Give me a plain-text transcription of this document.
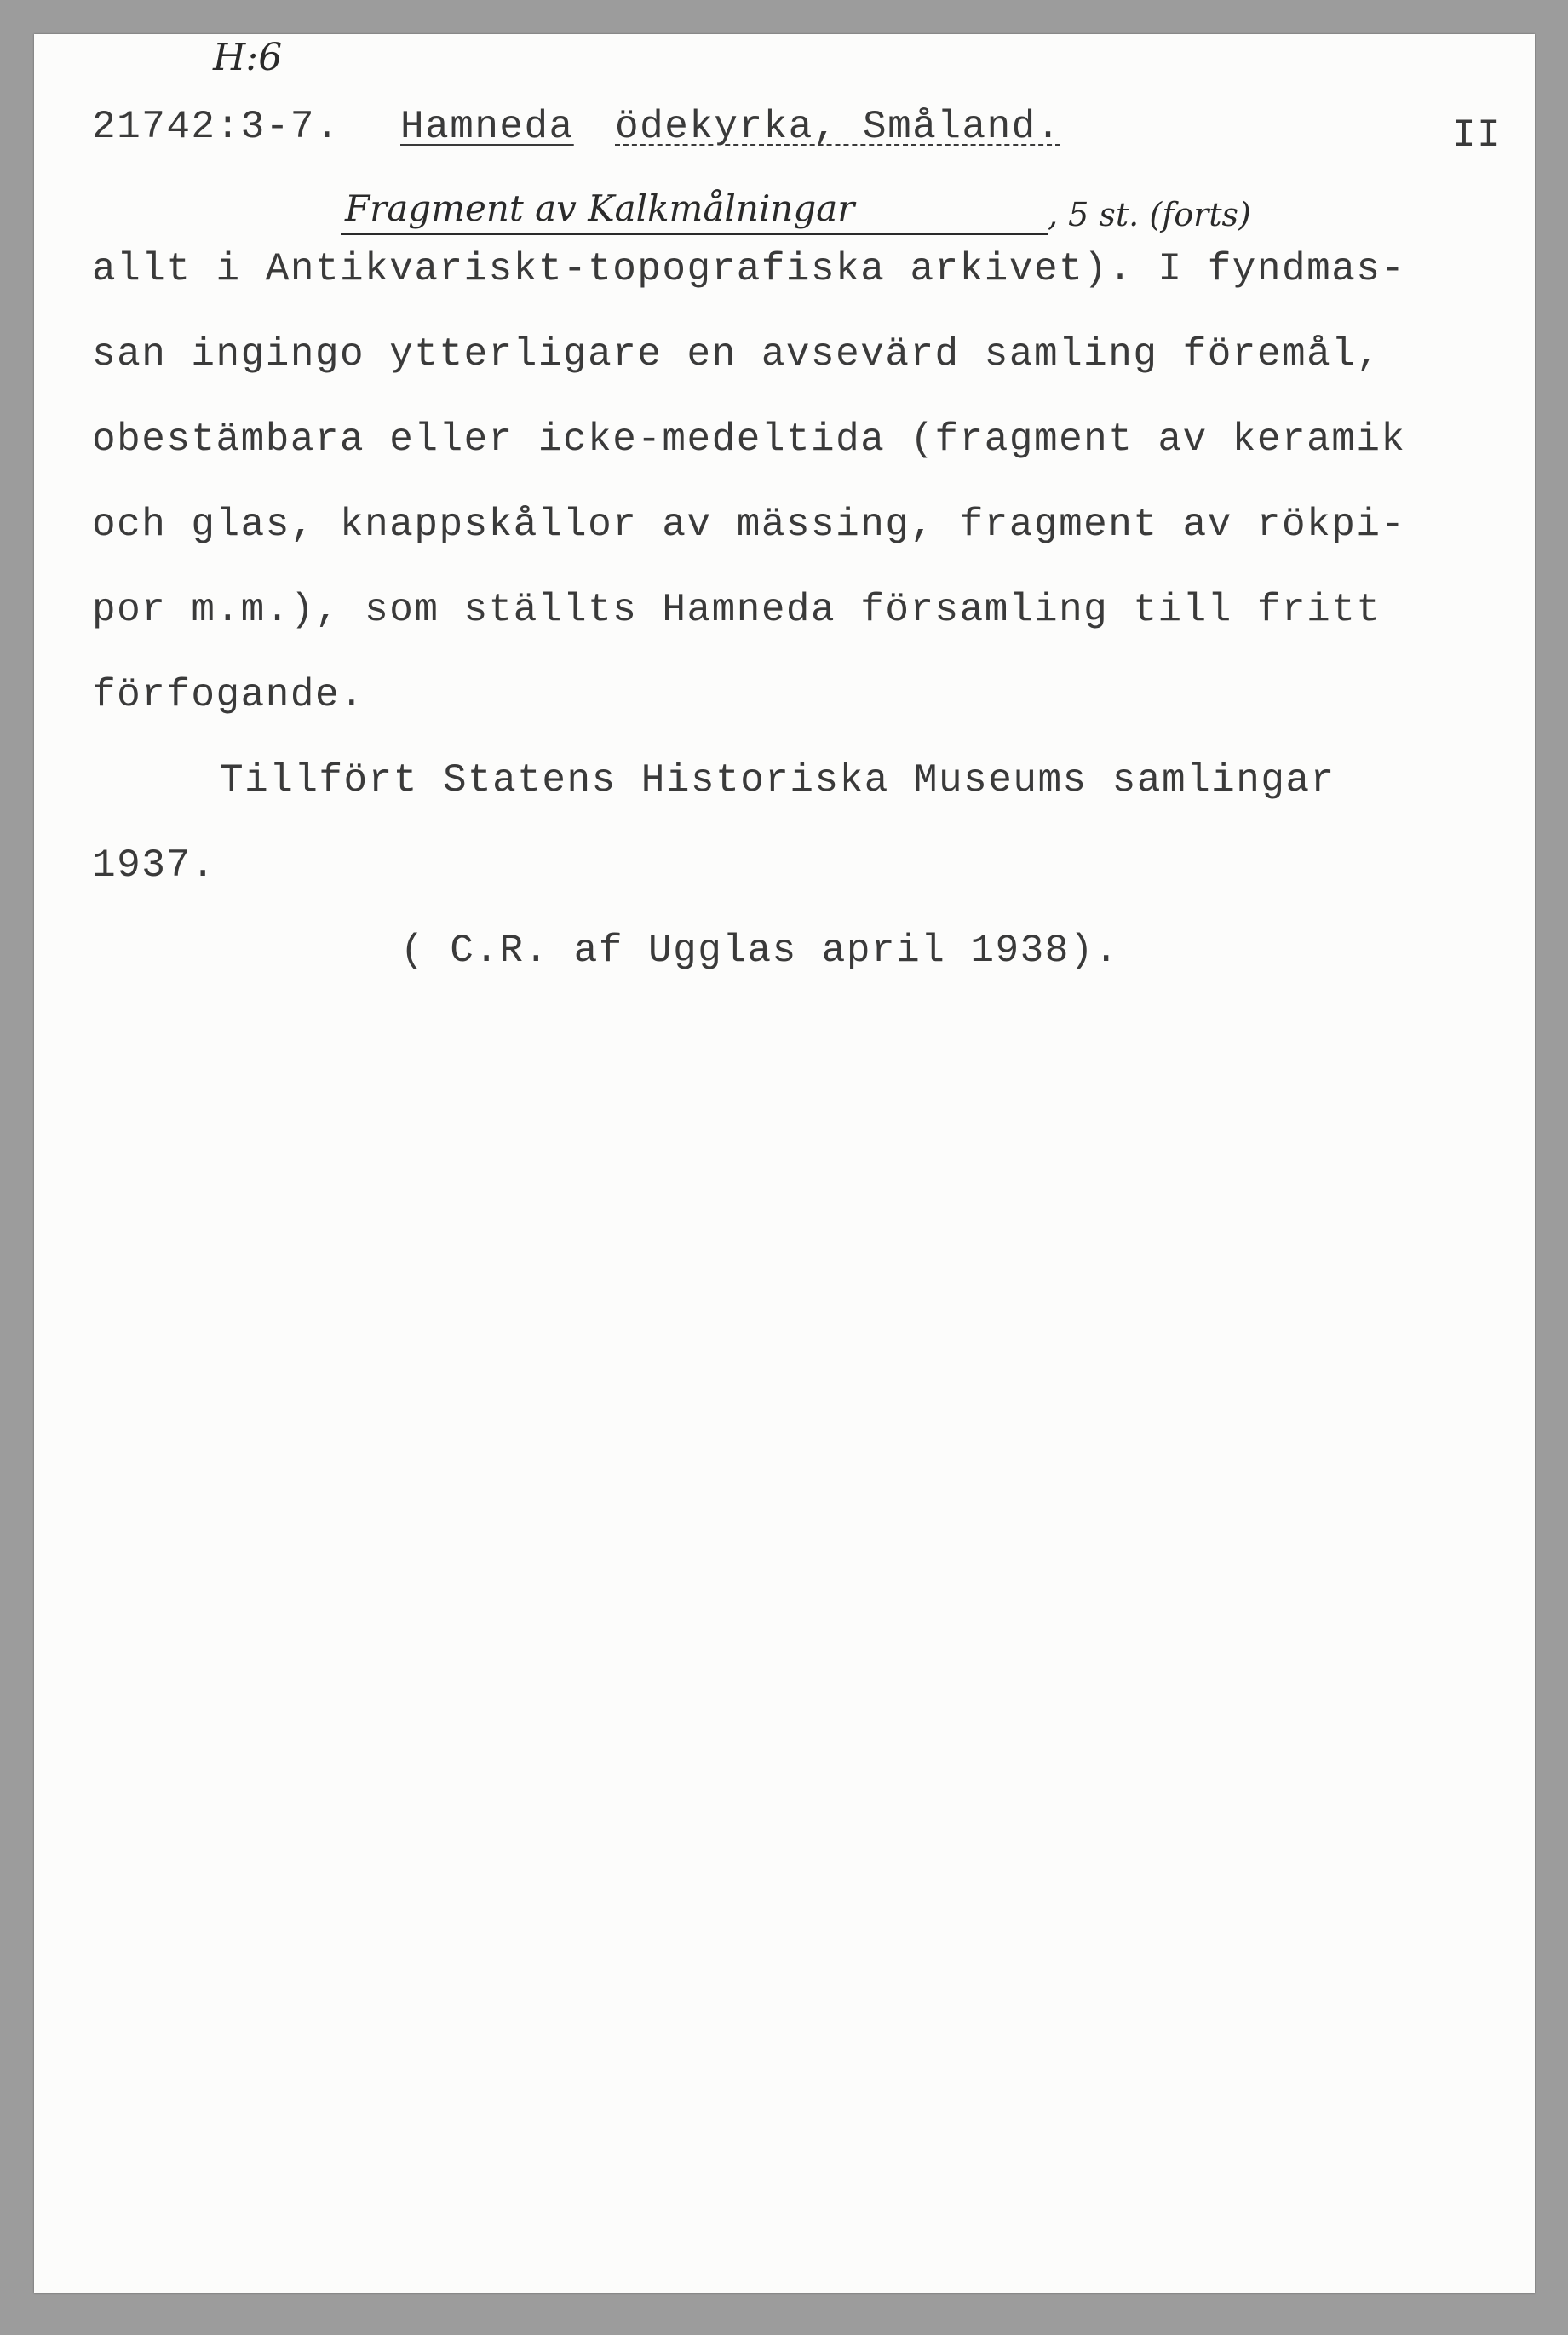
H:6
21742:3-7. Hamneda ödekyrka, Småland.	II
Fragment av Kalkmålningar	, 5 st. (forts)
allt i Antikvariskt-topografiska arkivet). I fyndmas-
san ingingo ytterligare en avsevärd samling föremål,
obestämbara eller icke-medeltida (fragment av keramik
och glas, knappskållor av mässing, fragment av rökpi-
por m.m.), som ställts Hamneda församling till fritt
förfogande.
Tillfört Statens Historiska Museums samlingar
1937.
( C.R. af Ugglas april 1938).
